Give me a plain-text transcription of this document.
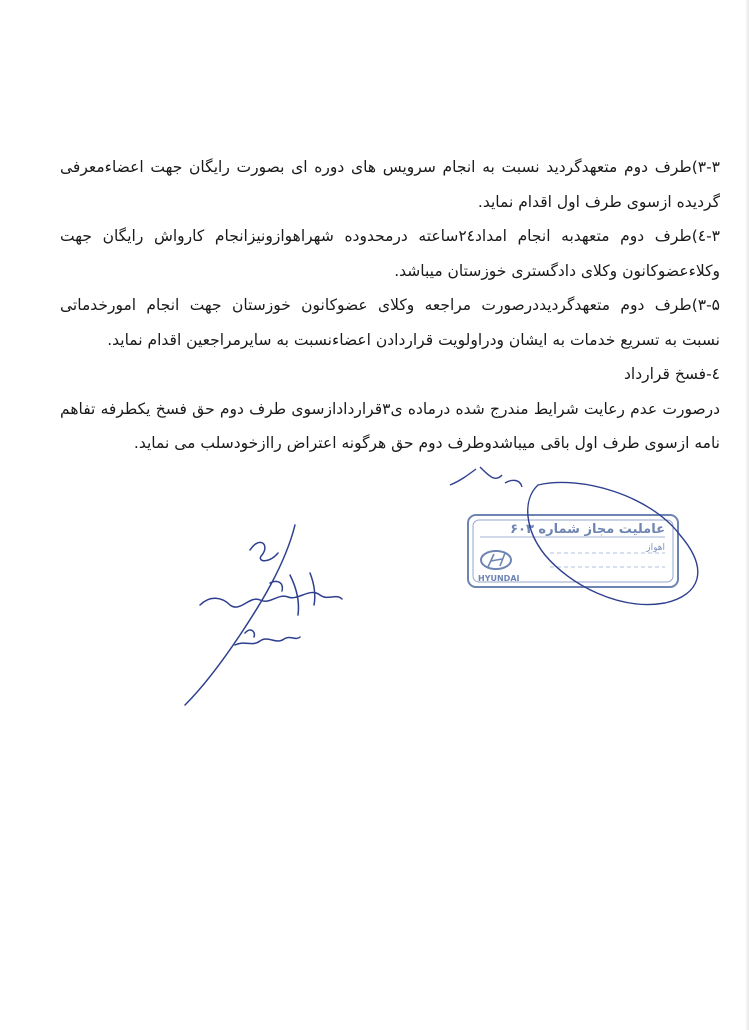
۳-۳)طرف دوم متعهدگردید نسبت به انجام سرویس های دوره ای بصورت رایگان جهت اعضاءمعرفی
گردیده ازسوی طرف اول اقدام نماید.
۳-٤)طرف دوم متعهدبه انجام امداد۲٤ساعته درمحدوده شهراهوازونیزانجام کارواش رایگان جهت
وکلاءعضوکانون وکلای دادگستری خوزستان میباشد.
۳-۵)طرف دوم متعهدگردیددرصورت مراجعه وکلای عضوکانون خوزستان جهت انجام امورخدماتی
نسبت به تسریع خدمات به ایشان ودراولویت قراردادن اعضاءنسبت به سایرمراجعین اقدام نماید.
٤-فسخ قرارداد
درصورت عدم رعایت شرایط مندرج شده درماده ی۳قراردادازسوی طرف دوم حق فسخ یکطرفه تفاهم
نامه ازسوی طرف اول باقی میباشدوطرف دوم حق هرگونه اعتراض راازخودسلب می نماید.
HYUNDAI
عاملیت مجاز شماره ۶۰۳
اهواز
